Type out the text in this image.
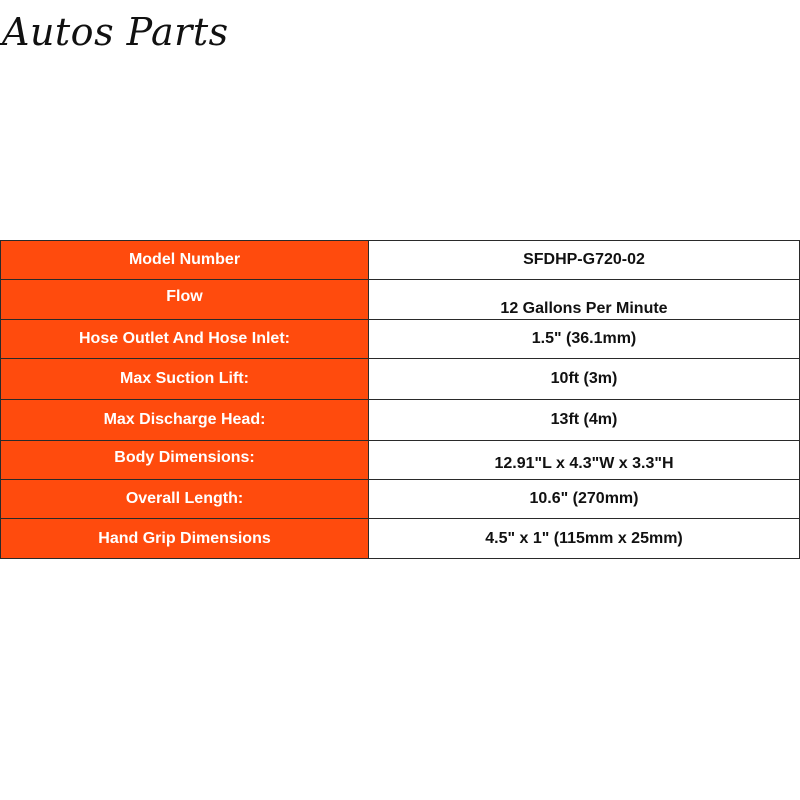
Autos Parts
Model Number	SFDHP-G720-02
Flow	12 Gallons Per Minute
Hose Outlet And Hose Inlet:	1.5" (36.1mm)
Max Suction Lift:	10ft (3m)
Max Discharge Head:	13ft (4m)
Body Dimensions:	12.91"L x 4.3"W x 3.3"H
Overall Length:	10.6" (270mm)
Hand Grip Dimensions	4.5" x 1" (115mm x 25mm)
